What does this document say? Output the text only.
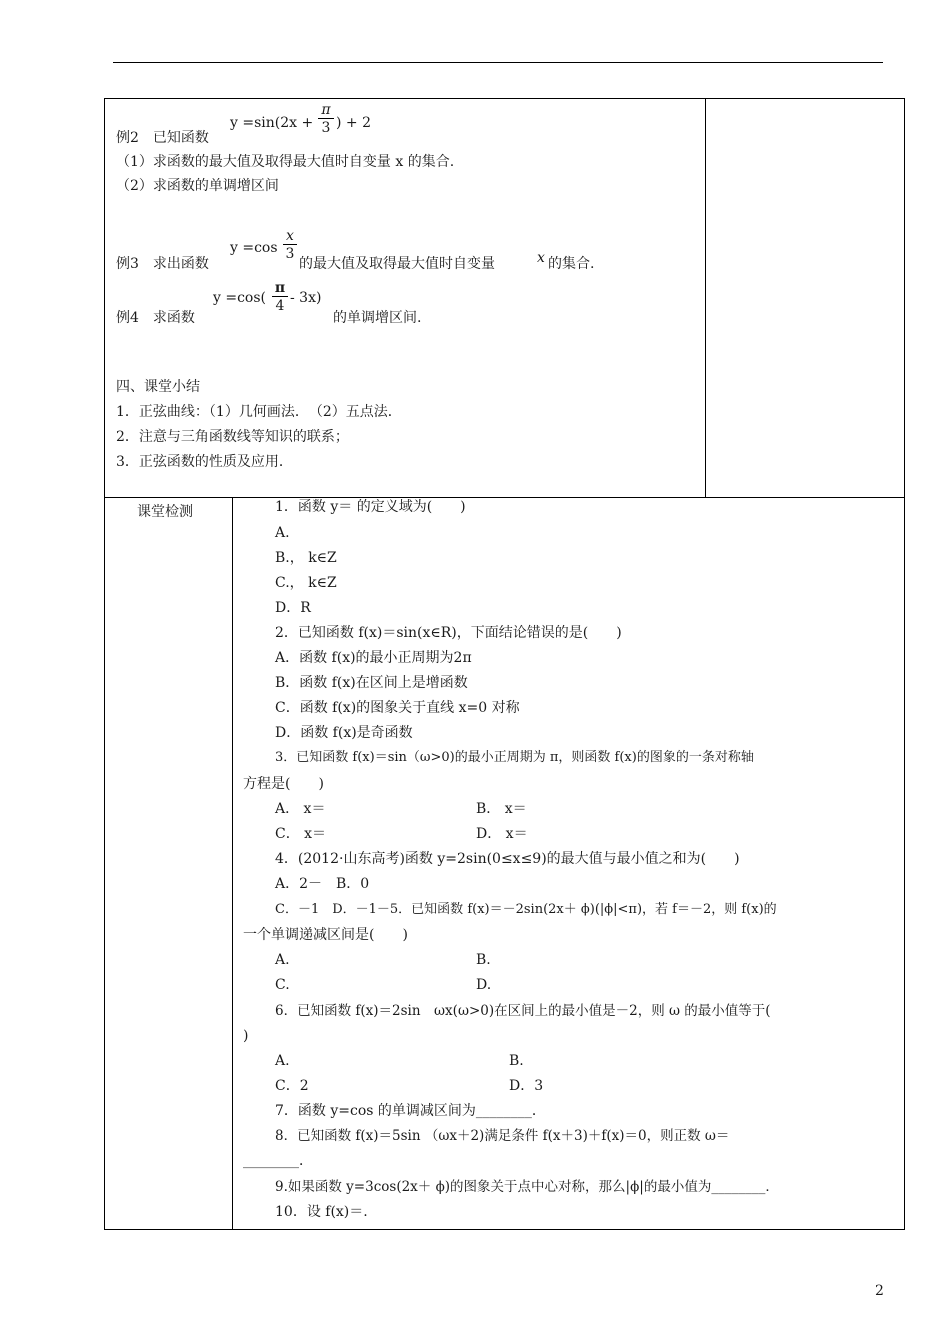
例2　已知函数
$y =\sin(2x + \frac{\pi}{3}$ ) + 2
（1）求函数的最大值及取得最大值时自变量 x 的集合.
（2）求函数的单调增区间
例3　求出函数
$y =\cos \frac{x}{3}$
的最大值及取得最大值时自变量	x 的集合.
例4　求函数
$y =\cos( \frac{\pi}{4} - 3x)$
的单调增区间.
四、课堂小结
1．正弦曲线：（1）几何画法．　（2）五点法．
2．注意与三角函数线等知识的联系；
3．正弦函数的性质及应用．
课堂检测	1．函数 y＝ 的定义域为(　　)
A.
B.， k∈Z
C.， k∈Z
D．R
2．已知函数 f(x)＝sin(x∈R)，下面结论错误的是(　　)
A．函数 f(x)的最小正周期为2π
B．函数 f(x)在区间上是增函数
C．函数 f(x)的图象关于直线 x=0 对称
D．函数 f(x)是奇函数
3．已知函数 f(x)＝sin（ω>0)的最小正周期为 π，则函数 f(x)的图象的一条对称轴
方程是(　　)
A． x＝	B． x＝
C． x＝	D． x＝
4．(2012·山东高考)函数 y=2sin(0≤x≤9)的最大值与最小值之和为(　　)
A．2－　B．0
C．－1　D．－1－5．已知函数 f(x)＝－2sin(2x＋ ϕ)(|ϕ|<π)，若 f＝－2，则 f(x)的
一个单调递减区间是(　　)
A.	B.
C.	D.
6．已知函数 f(x)＝2sin　ωx(ω>0)在区间上的最小值是－2，则 ω 的最小值等于(
)
A.	B.
C．2	D．3
7．函数 y=cos 的单调减区间为________．
8．已知函数 f(x)＝5sin （ωx＋2)满足条件 f(x＋3)＋f(x)＝0，则正数 ω＝
________．
9.如果函数 y=3cos(2x＋ ϕ)的图象关于点中心对称，那么|ϕ|的最小值为________．
10．设 f(x)＝.
2
